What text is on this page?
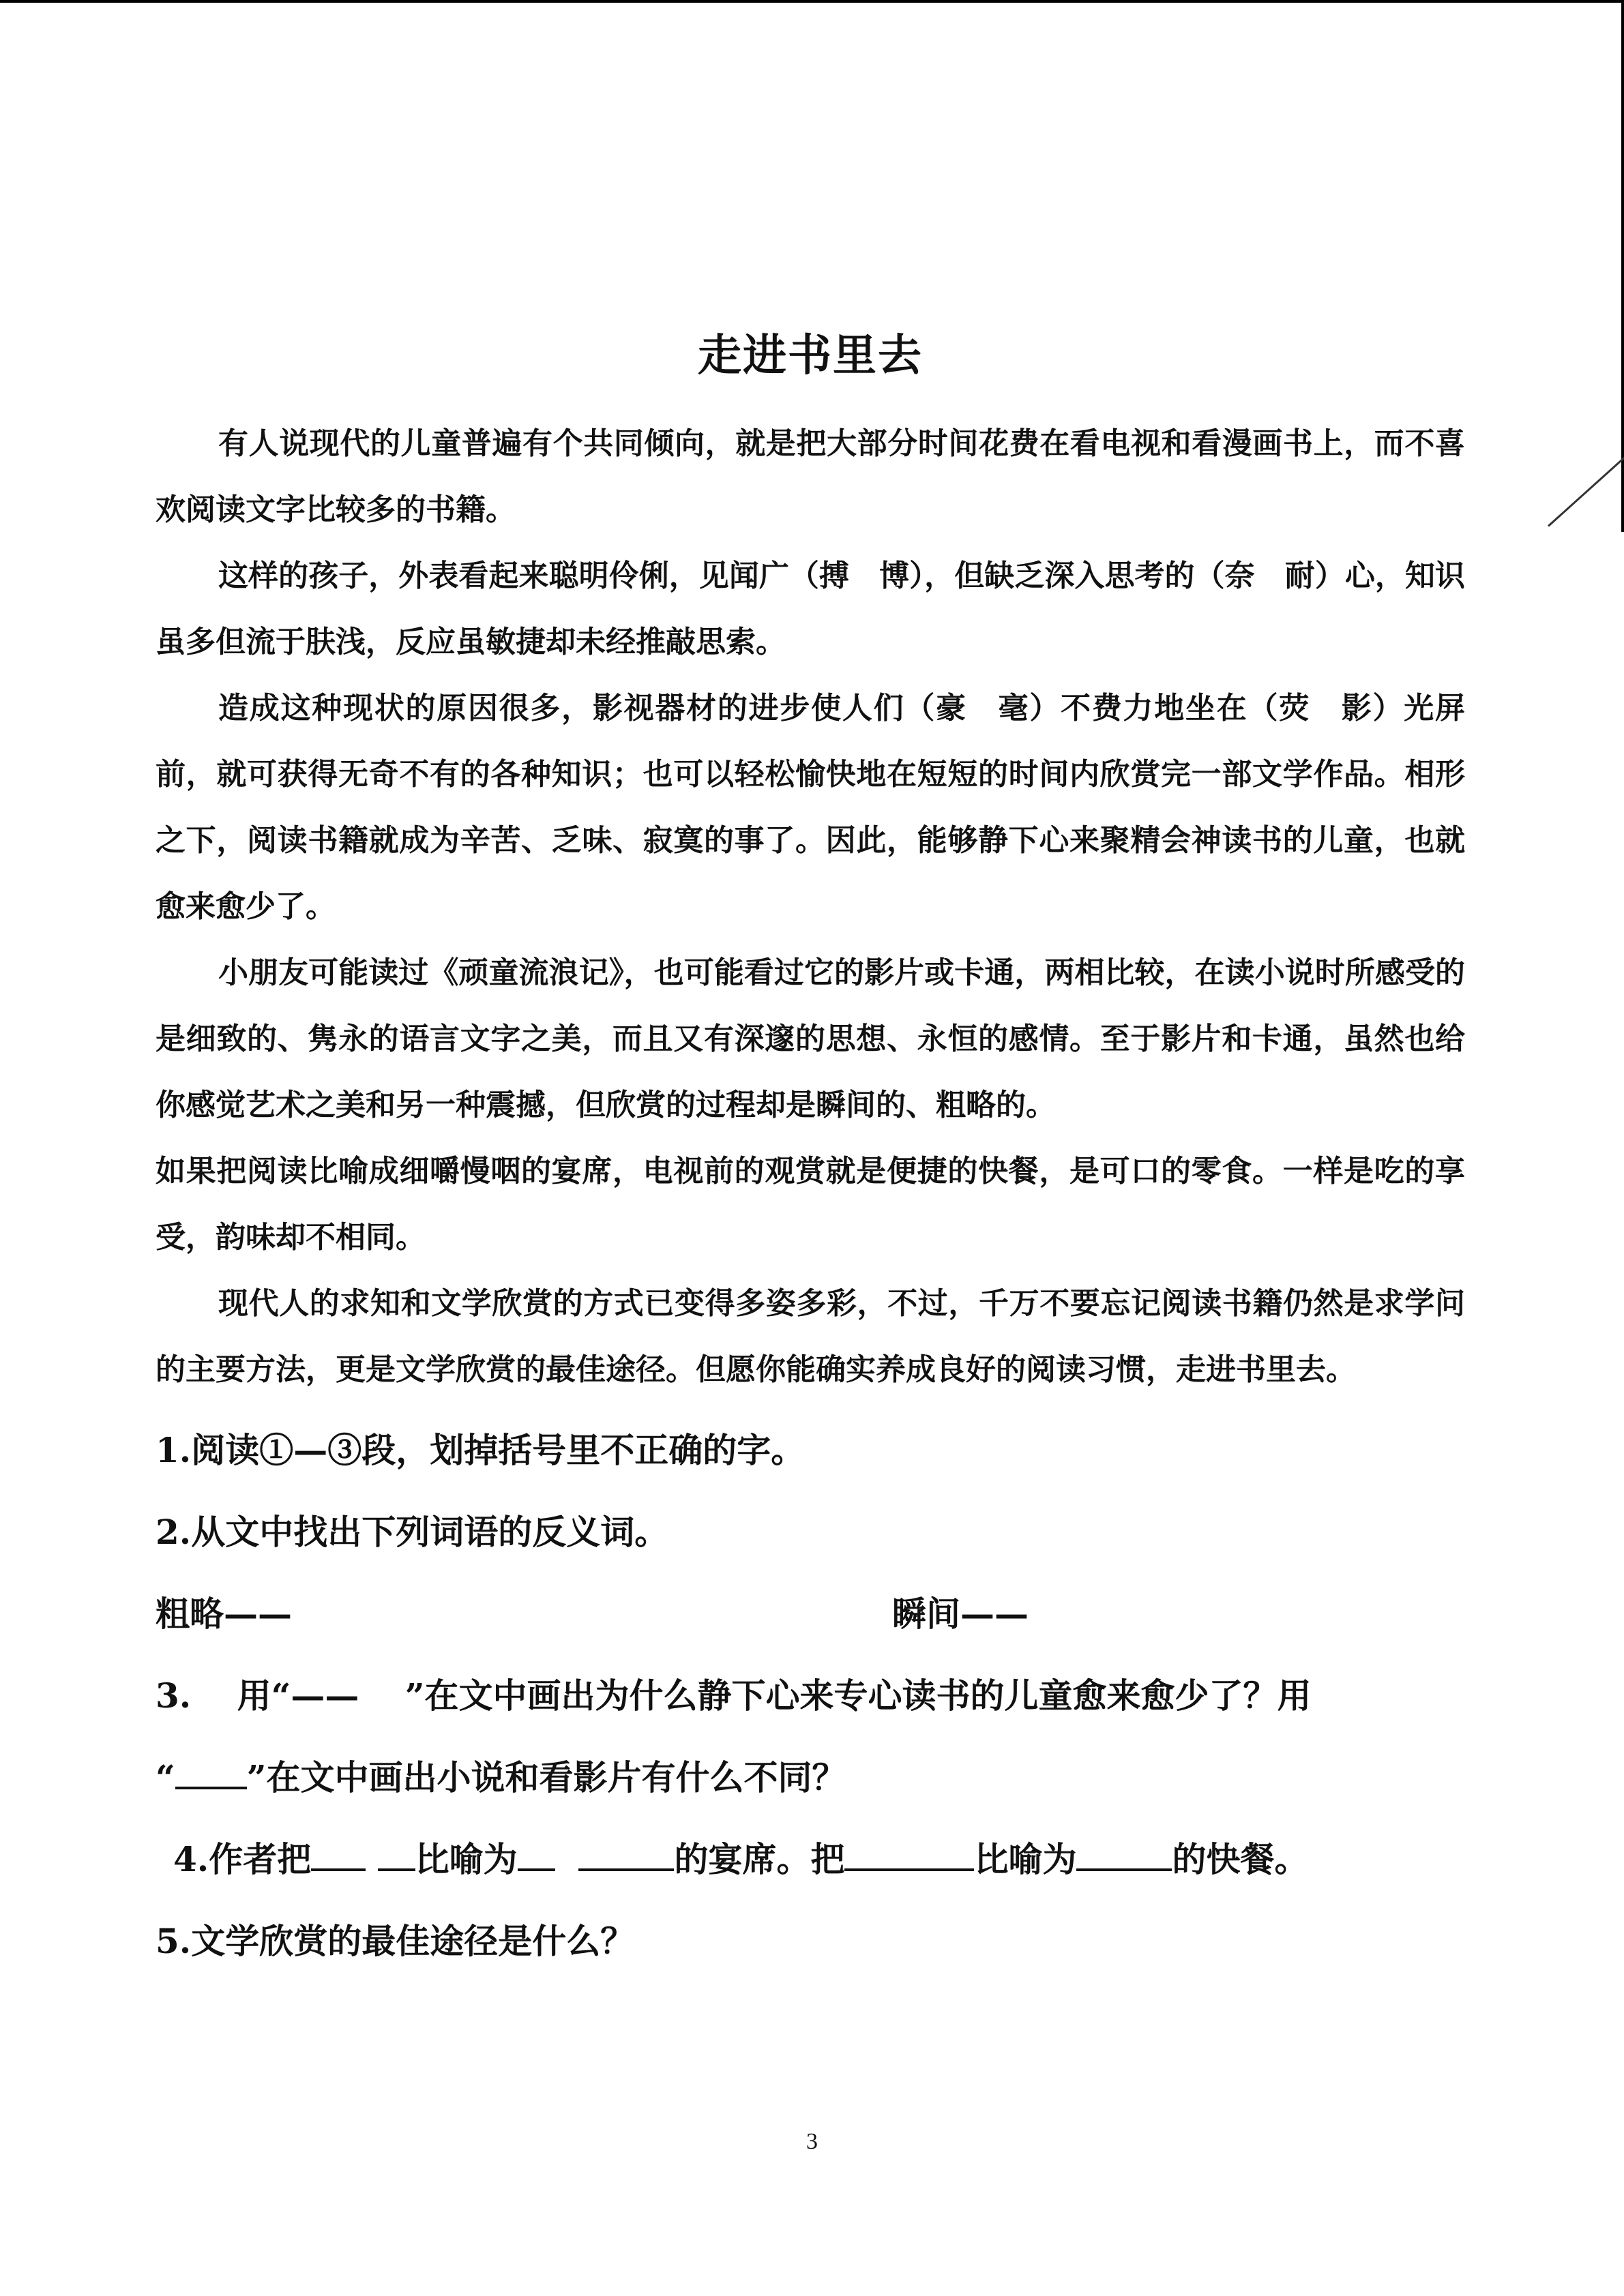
走进书里去

有人说现代的儿童普遍有个共同倾向，就是把大部分时间花费在看电视和看漫画书上，而不喜欢阅读文字比较多的书籍。

这样的孩子，外表看起来聪明伶俐，见闻广（搏　博），但缺乏深入思考的（奈　耐）心，知识虽多但流于肤浅，反应虽敏捷却未经推敲思索。

造成这种现状的原因很多，影视器材的进步使人们（豪　毫）不费力地坐在（荧　影）光屏前，就可获得无奇不有的各种知识；也可以轻松愉快地在短短的时间内欣赏完一部文学作品。相形之下，阅读书籍就成为辛苦、乏味、寂寞的事了。因此，能够静下心来聚精会神读书的儿童，也就愈来愈少了。

小朋友可能读过《顽童流浪记》，也可能看过它的影片或卡通，两相比较，在读小说时所感受的是细致的、隽永的语言文字之美，而且又有深邃的思想、永恒的感情。至于影片和卡通，虽然也给你感觉艺术之美和另一种震撼，但欣赏的过程却是瞬间的、粗略的。

如果把阅读比喻成细嚼慢咽的宴席，电视前的观赏就是便捷的快餐，是可口的零食。一样是吃的享受，韵味却不相同。

现代人的求知和文学欣赏的方式已变得多姿多彩，不过，千万不要忘记阅读书籍仍然是求学问的主要方法，更是文学欣赏的最佳途径。但愿你能确实养成良好的阅读习惯，走进书里去。

1.阅读①—③段，划掉括号里不正确的字。

2.从文中找出下列词语的反义词。

粗略——	瞬间——

3.　 用“——　 ”在文中画出为什么静下心来专心读书的儿童愈来愈少了？用

“ ”在文中画出小说和看影片有什么不同？

4.作者把	比喻为	的宴席。把	比喻为	的快餐。

5.文学欣赏的最佳途径是什么？

3
